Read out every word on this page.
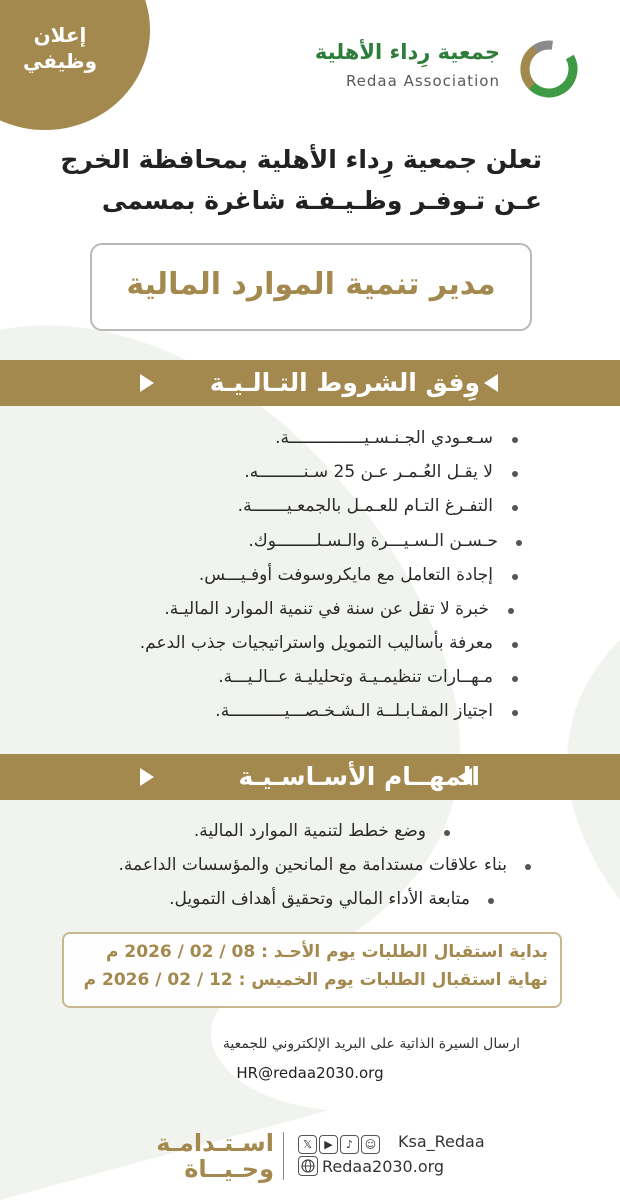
إعلان
وظيفي	جمعية رِداء الأهلية
Redaa Association
تعلن جمعية رِداء الأهلية بمحافظة الخرج
عـن تـوفـر وظـيـفـة شاغرة بمسمى
مدير تنمية الموارد المالية
وِفق الشروط التـالـيـة
سـعـودي الجـنـسـيـــــــــــــــة.
لا يقـل العُـمـر عـن 25 سـنـــــــــه.
التفـرغ التـام للعـمـل بالجمعـيـــــــة.
حـسـن الـسـيـــرة والـسـلــــــــوك.
إجادة التعامل مع مايكروسوفت أوفـيـــس.
خبرة لا تقل عن سنة في تنمية الموارد الماليـة.
معرفة بأساليب التمويل واستراتيجيات جذب الدعم.
مـهــارات تنظيمـيـة وتحليليـة عــالـيـــة.
اجتياز المقـابـلــة الـشـخـصـــيـــــــــــة.
المهــام الأسـاسـيـة
وضع خطط لتنمية الموارد المالية.
بناء علاقات مستدامة مع المانحين والمؤسسات الداعمة.
متابعة الأداء المالي وتحقيق أهداف التمويل.
بداية استقبال الطلبات يوم الأحـد : 08 / 02 / 2026 م
نهاية استقبال الطلبات يوم الخميس : 12 / 02 / 2026 م
ارسال السيرة الذاتية على البريد الإلكتروني للجمعية
HR@redaa2030.org
اسـتـدامـة
وحـيــاة
𝕏 ▶ ♪ ☺	Ksa_Redaa
Redaa2030.org
